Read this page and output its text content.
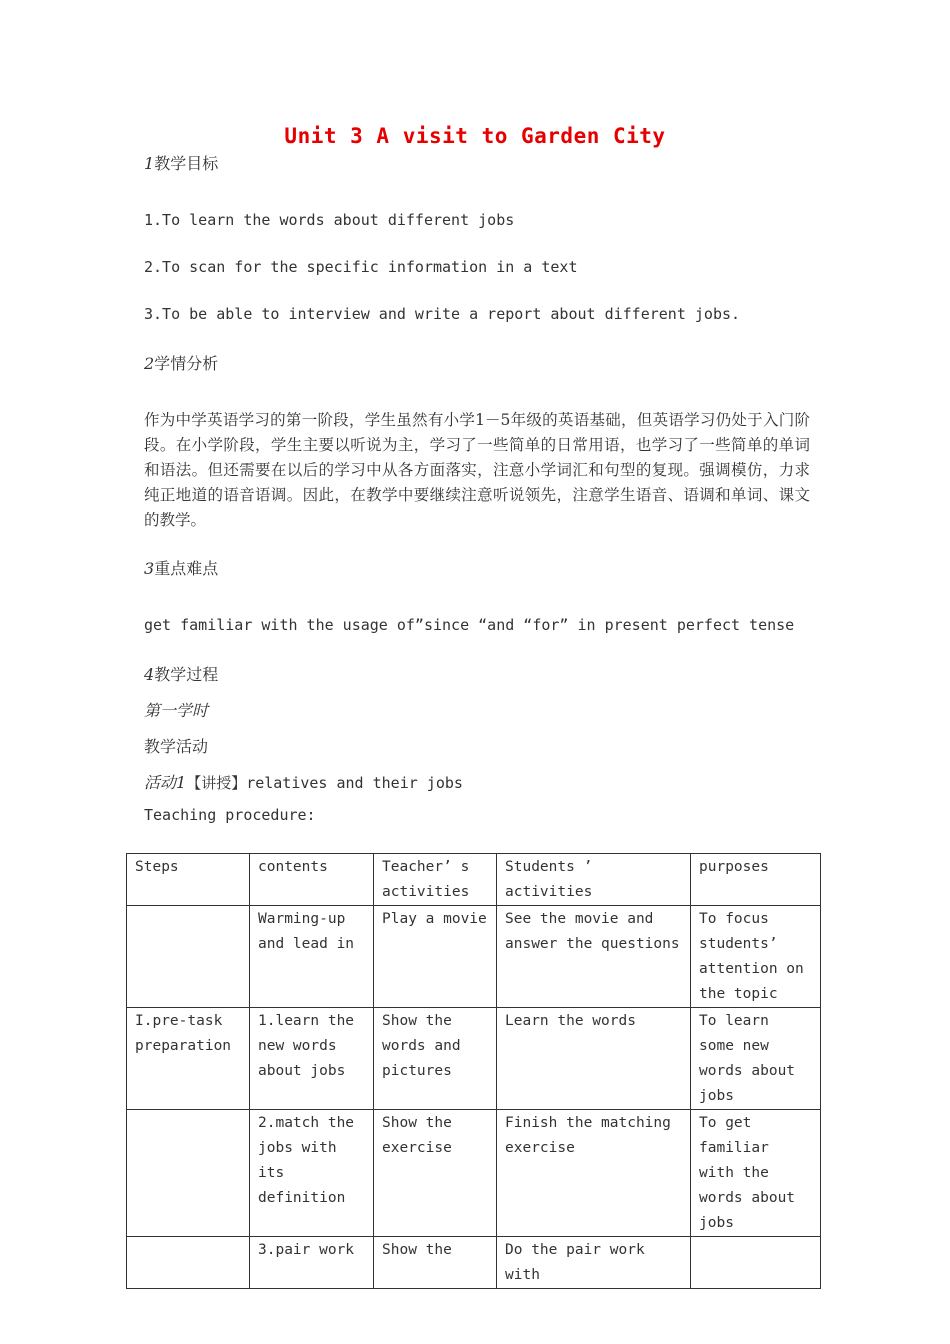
Unit 3 A visit to Garden City
1教学目标
1.To learn the words about different jobs
2.To scan for the specific information in a text
3.To be able to interview and write a report about different jobs.
2学情分析
作为中学英语学习的第一阶段，学生虽然有小学1－5年级的英语基础，但英语学习仍处于入门阶段。在小学阶段，学生主要以听说为主，学习了一些简单的日常用语，也学习了一些简单的单词和语法。但还需要在以后的学习中从各方面落实，注意小学词汇和句型的复现。强调模仿，力求纯正地道的语音语调。因此，在教学中要继续注意听说领先，注意学生语音、语调和单词、课文的教学。
3重点难点
get familiar with the usage of”since “and “for” in present perfect tense
4教学过程
第一学时
教学活动
活动1【讲授】relatives and their jobs
Teaching procedure:
Steps	contents	Teacher’ s activities	Students ’ activities	purposes
	Warming-up and lead in	Play a movie	See the movie and answer the questions	To focus students’ attention on the topic
I.pre-task preparation	1.learn the new words about jobs	Show the words and pictures	Learn the words	To learn some new words about jobs
	2.match the jobs with its definition	Show the exercise	Finish the matching exercise	To get familiar with the words about jobs
	3.pair work	Show the	Do the pair work with	
